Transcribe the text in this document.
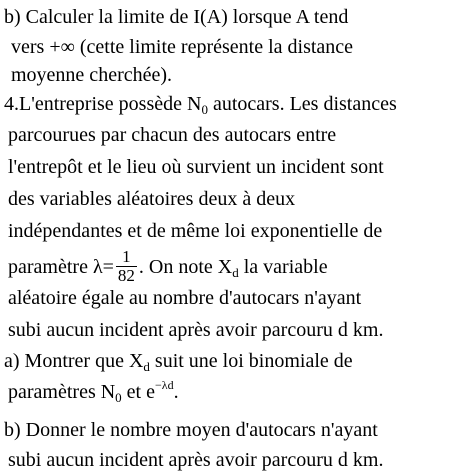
b) Calculer la limite de I(A) lorsque A tend
vers +∞ (cette limite représente la distance
moyenne cherchée).
4.L'entreprise possède $N_0$ autocars. Les distances
parcourues par chacun des autocars entre
l'entrepôt et le lieu où survient un incident sont
des variables aléatoires deux à deux
indépendantes et de même loi exponentielle de
paramètre $\lambda= \frac{1}{82}$ . On note $X_d$ la variable
aléatoire égale au nombre d'autocars n'ayant
subi aucun incident après avoir parcouru d km.
a) Montrer que $X_d$ suit une loi binomiale de
paramètres $N_0$ et $e^{-\lambda d}$.
b) Donner le nombre moyen d'autocars n'ayant
subi aucun incident après avoir parcouru d km.
